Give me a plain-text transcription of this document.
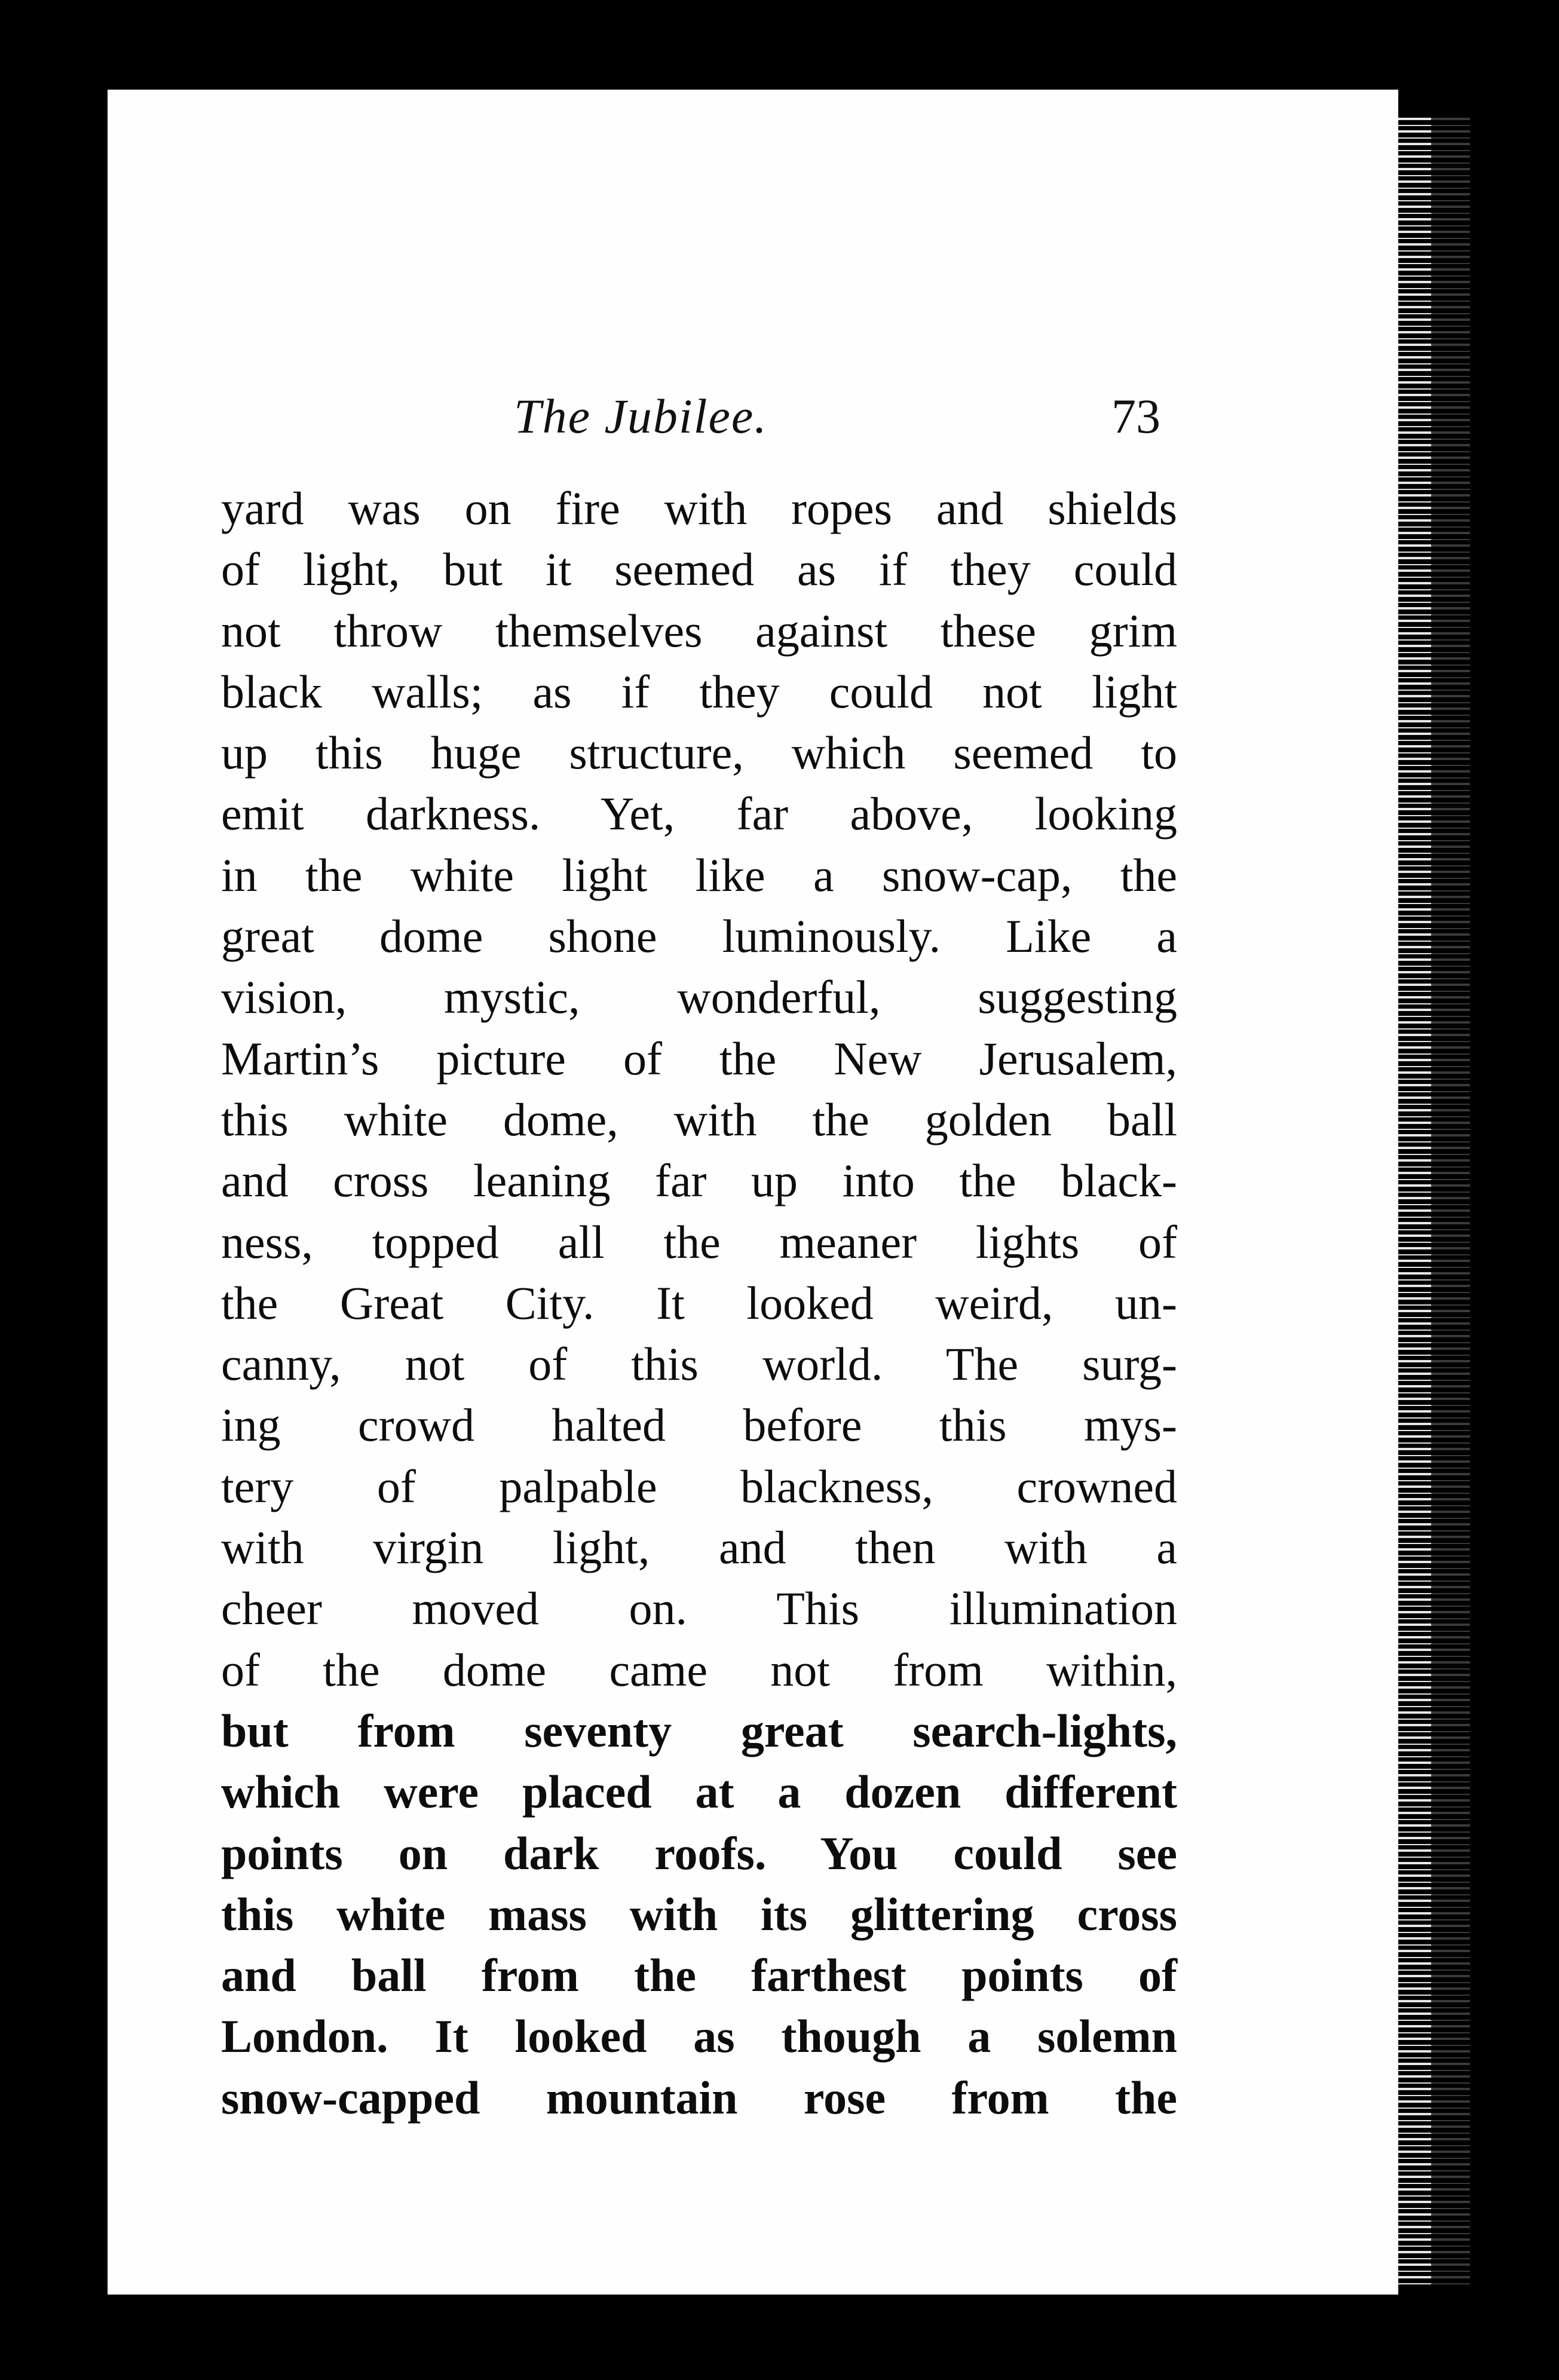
The Jubilee.	73
yard was on fire with ropes and shields
of light, but it seemed as if they could
not throw themselves against these grim
black walls; as if they could not light
up this huge structure, which seemed to
emit darkness. Yet, far above, looking
in the white light like a snow-cap, the
great dome shone luminously. Like a
vision, mystic, wonderful, suggesting
Martin’s picture of the New Jerusalem,
this white dome, with the golden ball
and cross leaning far up into the black-
ness, topped all the meaner lights of
the Great City. It looked weird, un-
canny, not of this world. The surg-
ing crowd halted before this mys-
tery of palpable blackness, crowned
with virgin light, and then with a
cheer moved on. This illumination
of the dome came not from within,
but from seventy great search-lights,
which were placed at a dozen different
points on dark roofs. You could see
this white mass with its glittering cross
and ball from the farthest points of
London. It looked as though a solemn
snow-capped mountain rose from the
